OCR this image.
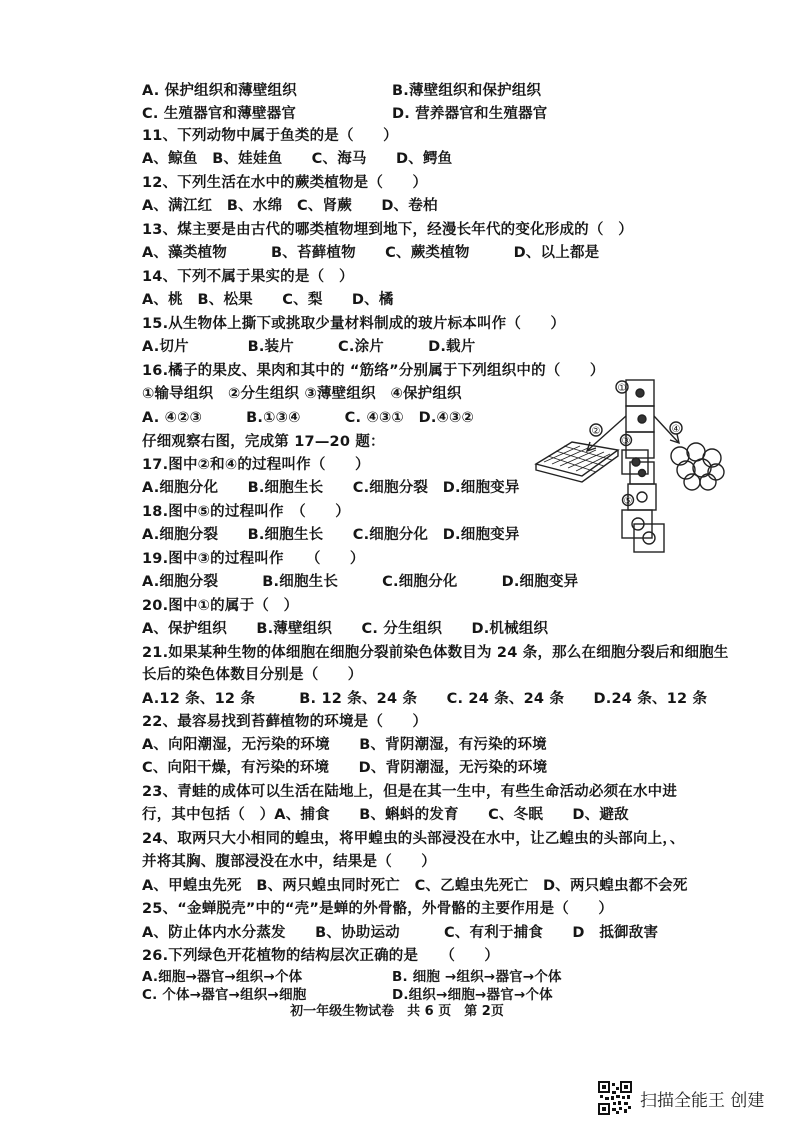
A. 保护组织和薄壁组织	B.薄壁组织和保护组织
C. 生殖器官和薄壁器官	D. 营养器官和生殖器官
11、下列动物中属于鱼类的是（　　）
A、鲸鱼　B、娃娃鱼　　C、海马　　D、鳄鱼
12、下列生活在水中的蕨类植物是（　　）
A、满江红　B、水绵　C、肾蕨　　D、卷柏
13、煤主要是由古代的哪类植物埋到地下，经漫长年代的变化形成的（　）
A、藻类植物　　　B、苔藓植物　　C、蕨类植物　　　D、以上都是
14、下列不属于果实的是（　）
A、桃　B、松果　　C、梨　　D、橘
15.从生物体上撕下或挑取少量材料制成的玻片标本叫作（　　）
A.切片　　　　B.装片　　　C.涂片　　　D.载片
16.橘子的果皮、果肉和其中的 “筋络”分别属于下列组织中的（　　）
①输导组织　②分生组织 ③薄壁组织　④保护组织
A. ④②③　　　B.①③④　　　C. ④③①　D.④③②
仔细观察右图，完成第 17—20 题：
17.图中②和④的过程叫作（　　）
A.细胞分化　　B.细胞生长　　C.细胞分裂　D.细胞变异
18.图中⑤的过程叫作　（　　）
A.细胞分裂　　B.细胞生长　　C.细胞分化　D.细胞变异
19.图中③的过程叫作　　（　　）
A.细胞分裂　　　B.细胞生长　　　C.细胞分化　　　D.细胞变异
20.图中①的属于（　）
A、保护组织　　B.薄壁组织　　C. 分生组织　　D.机械组织
21.如果某种生物的体细胞在细胞分裂前染色体数目为 24 条，那么在细胞分裂后和细胞生
长后的染色体数目分别是（　　）
A.12 条、12 条　　　B. 12 条、24 条　　C. 24 条、24 条　　D.24 条、12 条
22、最容易找到苔藓植物的环境是（　　）
A、向阳潮湿，无污染的环境　　B、背阴潮湿，有污染的环境
C、向阳干燥，有污染的环境　　D、背阴潮湿，无污染的环境
23、青蛙的成体可以生活在陆地上，但是在其一生中，有些生命活动必须在水中进
行，其中包括（　）A、捕食　　B、蝌蚪的发育　　C、冬眠　　D、避敌
24、取两只大小相同的蝗虫，将甲蝗虫的头部浸没在水中，让乙蝗虫的头部向上，、
并将其胸、腹部浸没在水中，结果是（　　）
A、甲蝗虫先死　B、两只蝗虫同时死亡　C、乙蝗虫先死亡　D、两只蝗虫都不会死
25、“金蝉脱壳”中的“壳”是蝉的外骨骼，外骨骼的主要作用是（　　）
A、防止体内水分蒸发　　B、协助运动　　　C、有利于捕食　　D　抵御敌害
26.下列绿色开花植物的结构层次正确的是　　（　　）
A.细胞→器官→组织→个体	B. 细胞 →组织→器官→个体
C. 个体→器官→组织→细胞	D.组织→细胞→器官→个体
①
②
③
④
⑤
初一年级生物试卷　共 6 页　第 2页
扫描全能王 创建
